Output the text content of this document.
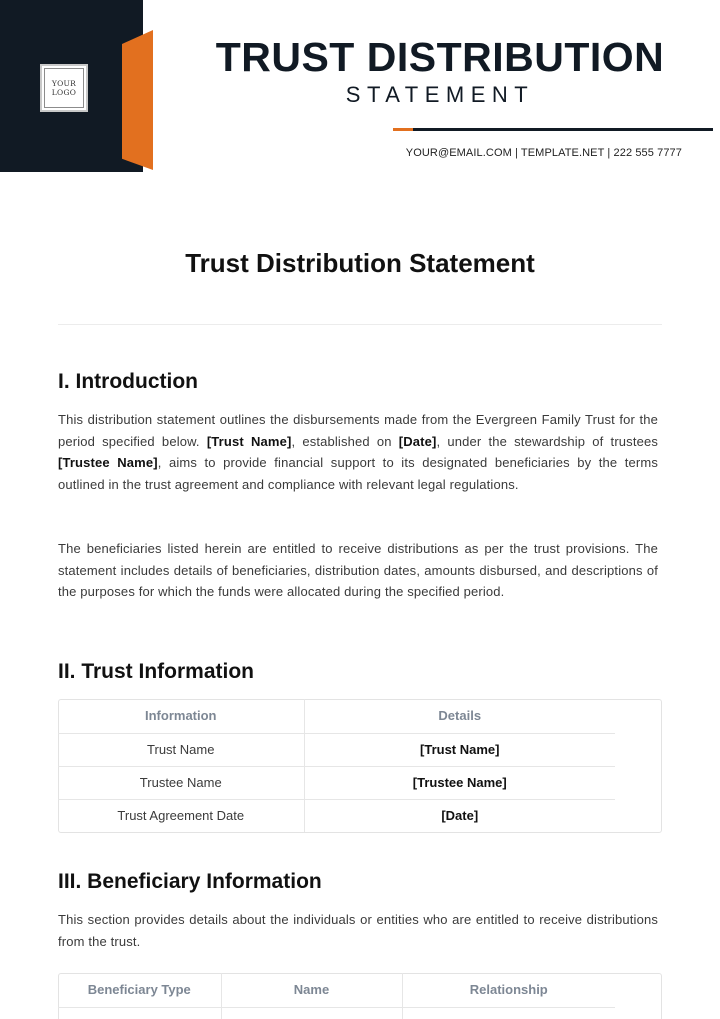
YOUR
LOGO
TRUST DISTRIBUTION
STATEMENT
YOUR@EMAIL.COM | TEMPLATE.NET | 222 555 7777
Trust Distribution Statement
I. Introduction
This distribution statement outlines the disbursements made from the Evergreen Family Trust for the period specified below. [Trust Name], established on [Date], under the stewardship of trustees [Trustee Name], aims to provide financial support to its designated beneficiaries by the terms outlined in the trust agreement and compliance with relevant legal regulations.
The beneficiaries listed herein are entitled to receive distributions as per the trust provisions. The statement includes details of beneficiaries, distribution dates, amounts disbursed, and descriptions of the purposes for which the funds were allocated during the specified period.
II. Trust Information
Information	Details
Trust Name	[Trust Name]
Trustee Name	[Trustee Name]
Trust Agreement Date	[Date]
III. Beneficiary Information
This section provides details about the individuals or entities who are entitled to receive distributions from the trust.
Beneficiary Type	Name	Relationship
